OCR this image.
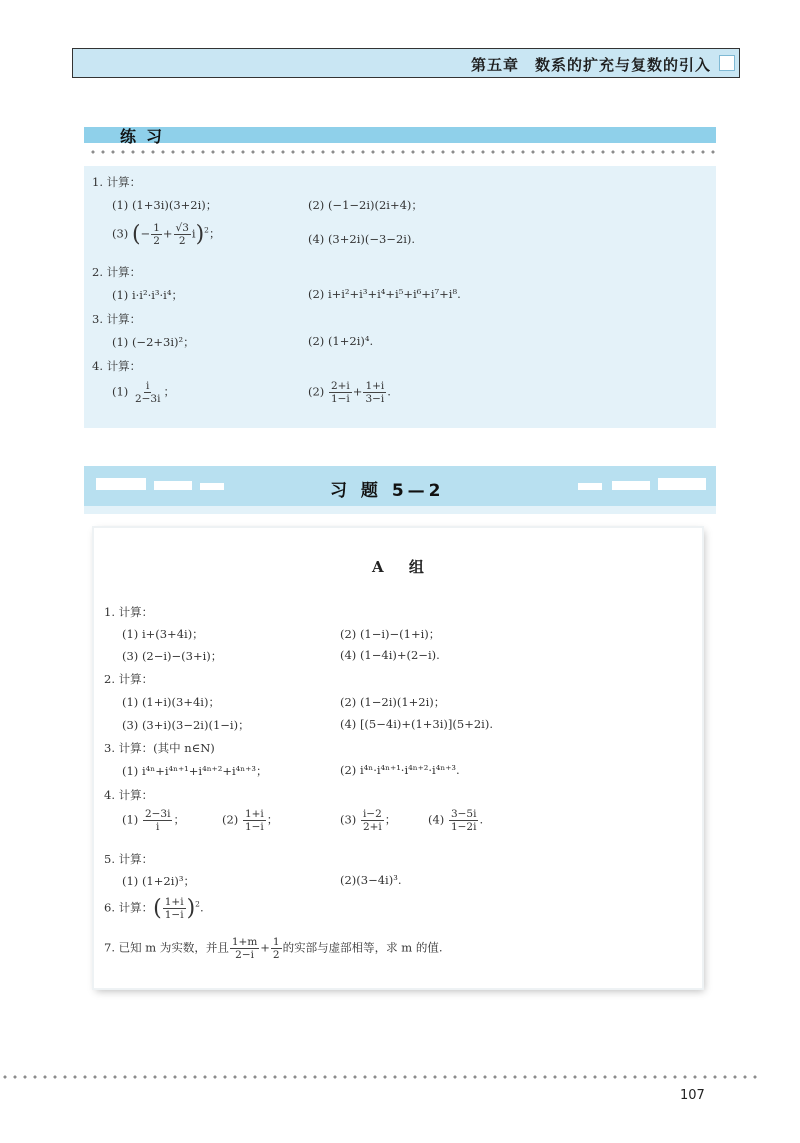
第五章　数系的扩充与复数的引入
练习
1. 计算：
(1) (1+3i)(3+2i)；	(2) (−1−2i)(2i+4)；
(3) (− $\frac{1}{2} + \frac{√3}{2} i)^2$；	(4) (3+2i)(−3−2i).
2. 计算：
(1) i·i²·i³·i⁴；	(2) i+i²+i³+i⁴+i⁵+i⁶+i⁷+i⁸.
3. 计算：
(1) (−2+3i)²；	(2) (1+2i)⁴.
4. 计算：
$(1) \frac{i}{2-3i}$ ；	$(2) \frac{2+i}{1-i} + \frac{1+i}{3-i}$ .
习 题 5—2
A 组
1. 计算：
(1) i+(3+4i)；	(2) (1−i)−(1+i)；
(3) (2−i)−(3+i)；	(4) (1−4i)+(2−i).
2. 计算：
(1) (1+i)(3+4i)；	(2) (1−2i)(1+2i)；
(3) (3+i)(3−2i)(1−i)；	(4) [(5−4i)+(1+3i)](5+2i).
3. 计算：(其中 n∈N)
(1) i⁴ⁿ+i⁴ⁿ⁺¹+i⁴ⁿ⁺²+i⁴ⁿ⁺³；	(2) i⁴ⁿ·i⁴ⁿ⁺¹·i⁴ⁿ⁺²·i⁴ⁿ⁺³.
4. 计算：
$(1) \frac{2-3i}{i}$ ；	$(2) \frac{1+i}{1-i}$ ；	$(3) \frac{i-2}{2+i}$ ；	$(4) \frac{3-5i}{1-2i}$ .
5. 计算：
(1) (1+2i)³；	(2)(3−4i)³.
6. 计算：( $\frac{1+i}{1-i} )^2$.
7. 已知 m 为实数，并且 $\frac{1+m}{2-i} + \frac{1}{2}$ 的实部与虚部相等，求 m 的值.
107
